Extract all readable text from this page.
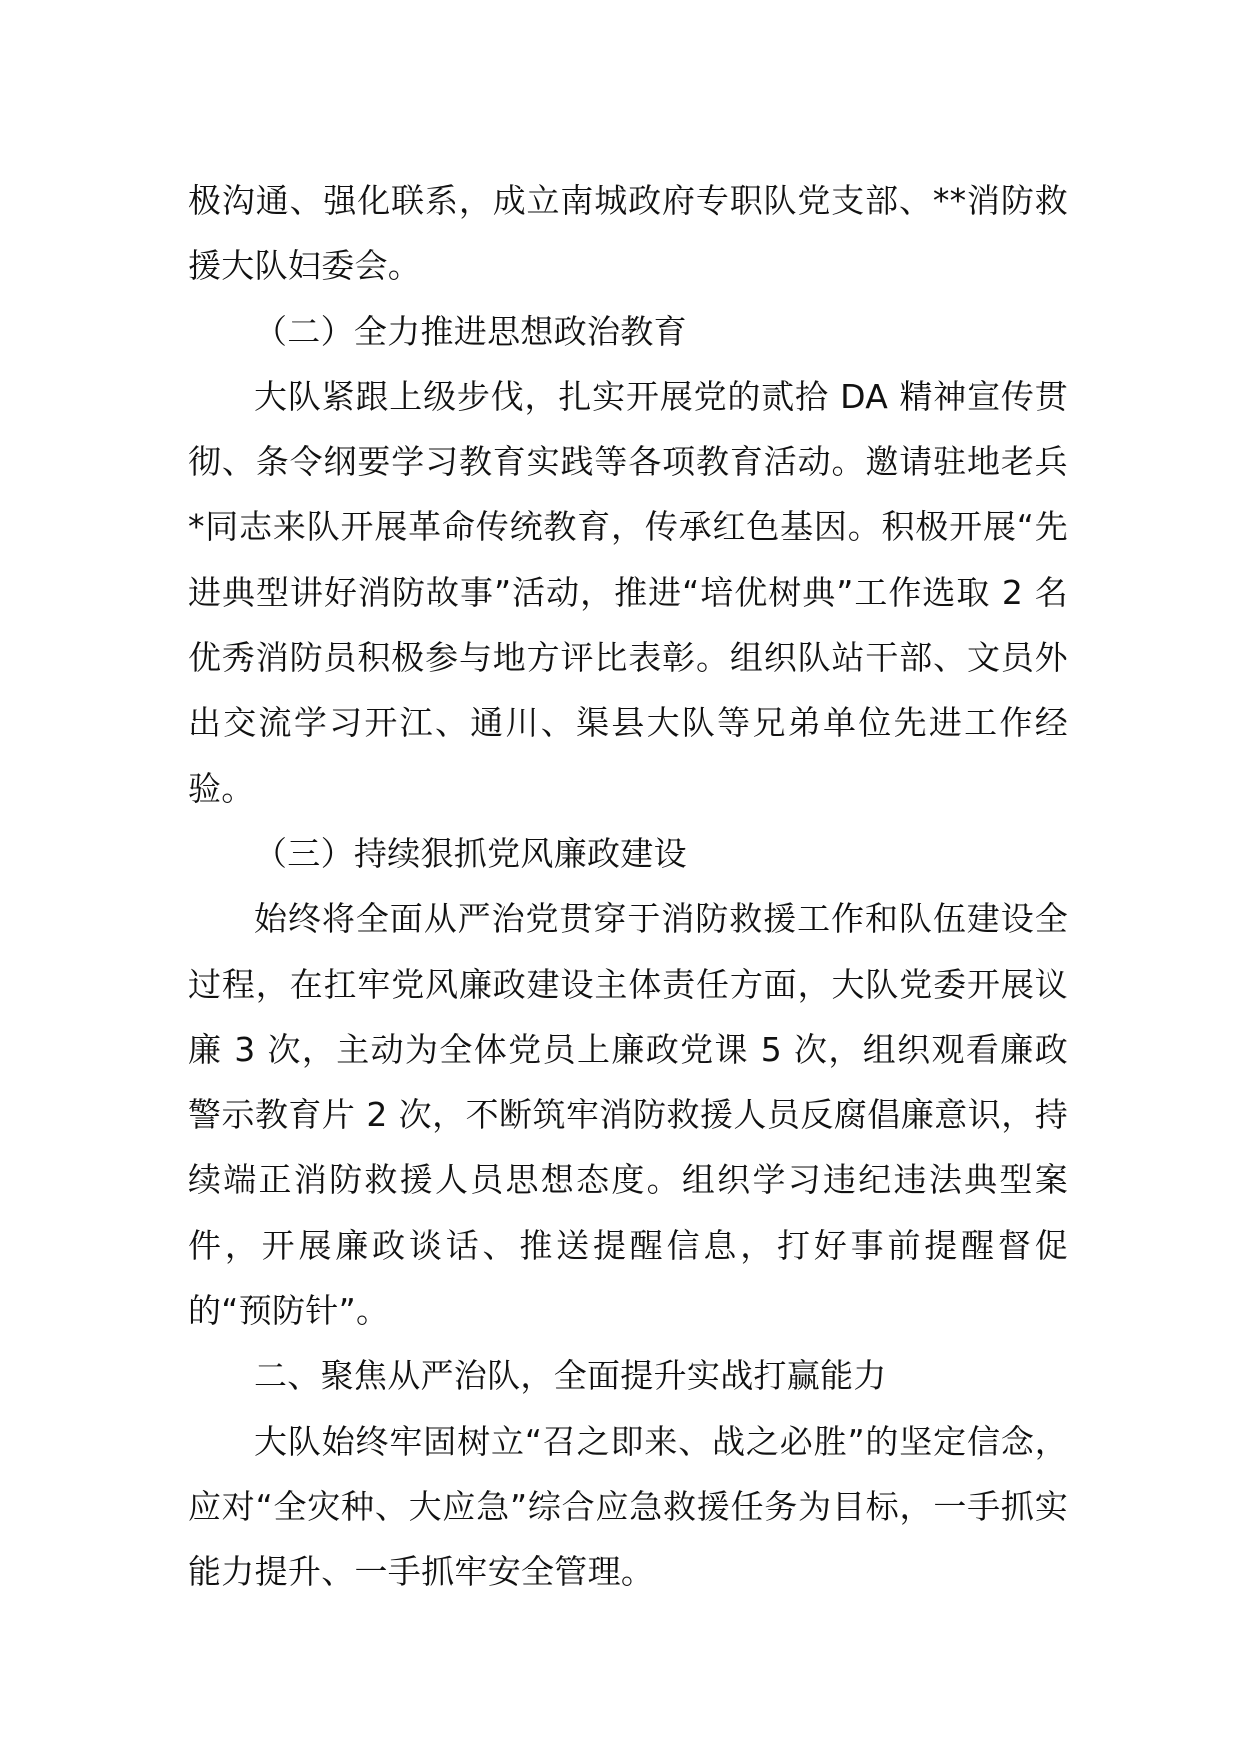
极沟通、强化联系，成立南城政府专职队党支部、**消防救援大队妇委会。

（二）全力推进思想政治教育

大队紧跟上级步伐，扎实开展党的贰拾 DA 精神宣传贯彻、条令纲要学习教育实践等各项教育活动。邀请驻地老兵*同志来队开展革命传统教育，传承红色基因。积极开展“先进典型讲好消防故事”活动，推进“培优树典”工作选取 2 名优秀消防员积极参与地方评比表彰。组织队站干部、文员外出交流学习开江、通川、渠县大队等兄弟单位先进工作经验。

（三）持续狠抓党风廉政建设

始终将全面从严治党贯穿于消防救援工作和队伍建设全过程，在扛牢党风廉政建设主体责任方面，大队党委开展议廉 3 次，主动为全体党员上廉政党课 5 次，组织观看廉政警示教育片 2 次，不断筑牢消防救援人员反腐倡廉意识，持续端正消防救援人员思想态度。组织学习违纪违法典型案件，开展廉政谈话、推送提醒信息，打好事前提醒督促的“预防针”。

二、聚焦从严治队，全面提升实战打赢能力

大队始终牢固树立“召之即来、战之必胜”的坚定信念，应对“全灾种、大应急”综合应急救援任务为目标，一手抓实能力提升、一手抓牢安全管理。
